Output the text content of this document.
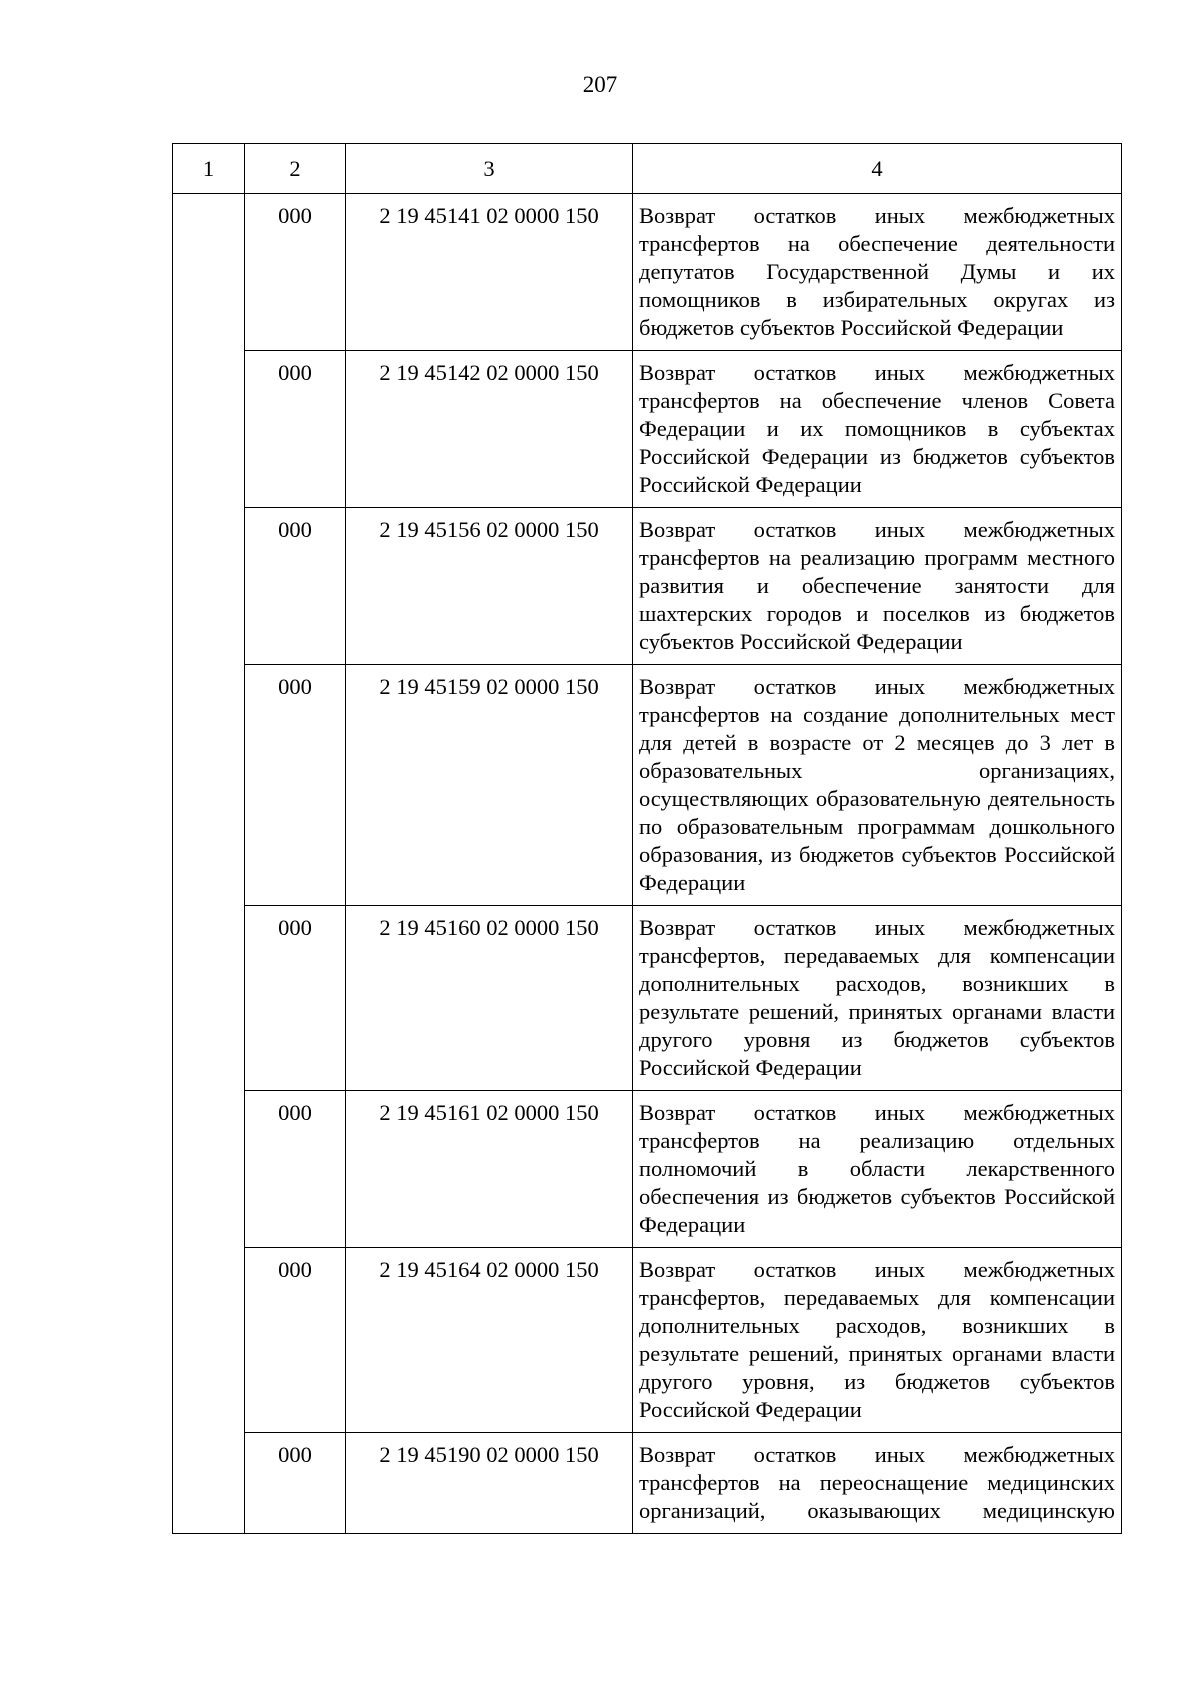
207
1	2	3	4
	000	2 19 45141 02 0000 150	Возврат остатков иных межбюджетных трансфертов на обеспечение деятельности депутатов Государственной Думы и их помощников в избирательных округах из бюджетов субъектов Российской Федерации
	000	2 19 45142 02 0000 150	Возврат остатков иных межбюджетных трансфертов на обеспечение членов Совета Федерации и их помощников в субъектах Российской Федерации из бюджетов субъектов Российской Федерации
	000	2 19 45156 02 0000 150	Возврат остатков иных межбюджетных трансфертов на реализацию программ местного развития и обеспечение занятости для шахтерских городов и поселков из бюджетов субъектов Российской Федерации
	000	2 19 45159 02 0000 150	Возврат остатков иных межбюджетных трансфертов на создание дополнительных мест для детей в возрасте от 2 месяцев до 3 лет в образовательных организациях, осуществляющих образовательную деятельность по образовательным программам дошкольного образования, из бюджетов субъектов Российской Федерации
	000	2 19 45160 02 0000 150	Возврат остатков иных межбюджетных трансфертов, передаваемых для компенсации дополнительных расходов, возникших в результате решений, принятых органами власти другого уровня из бюджетов субъектов Российской Федерации
	000	2 19 45161 02 0000 150	Возврат остатков иных межбюджетных трансфертов на реализацию отдельных полномочий в области лекарственного обеспечения из бюджетов субъектов Российской Федерации
	000	2 19 45164 02 0000 150	Возврат остатков иных межбюджетных трансфертов, передаваемых для компенсации дополнительных расходов, возникших в результате решений, принятых органами власти другого уровня, из бюджетов субъектов Российской Федерации
	000	2 19 45190 02 0000 150	Возврат остатков иных межбюджетных трансфертов на переоснащение медицинских организаций, оказывающих медицинскую
